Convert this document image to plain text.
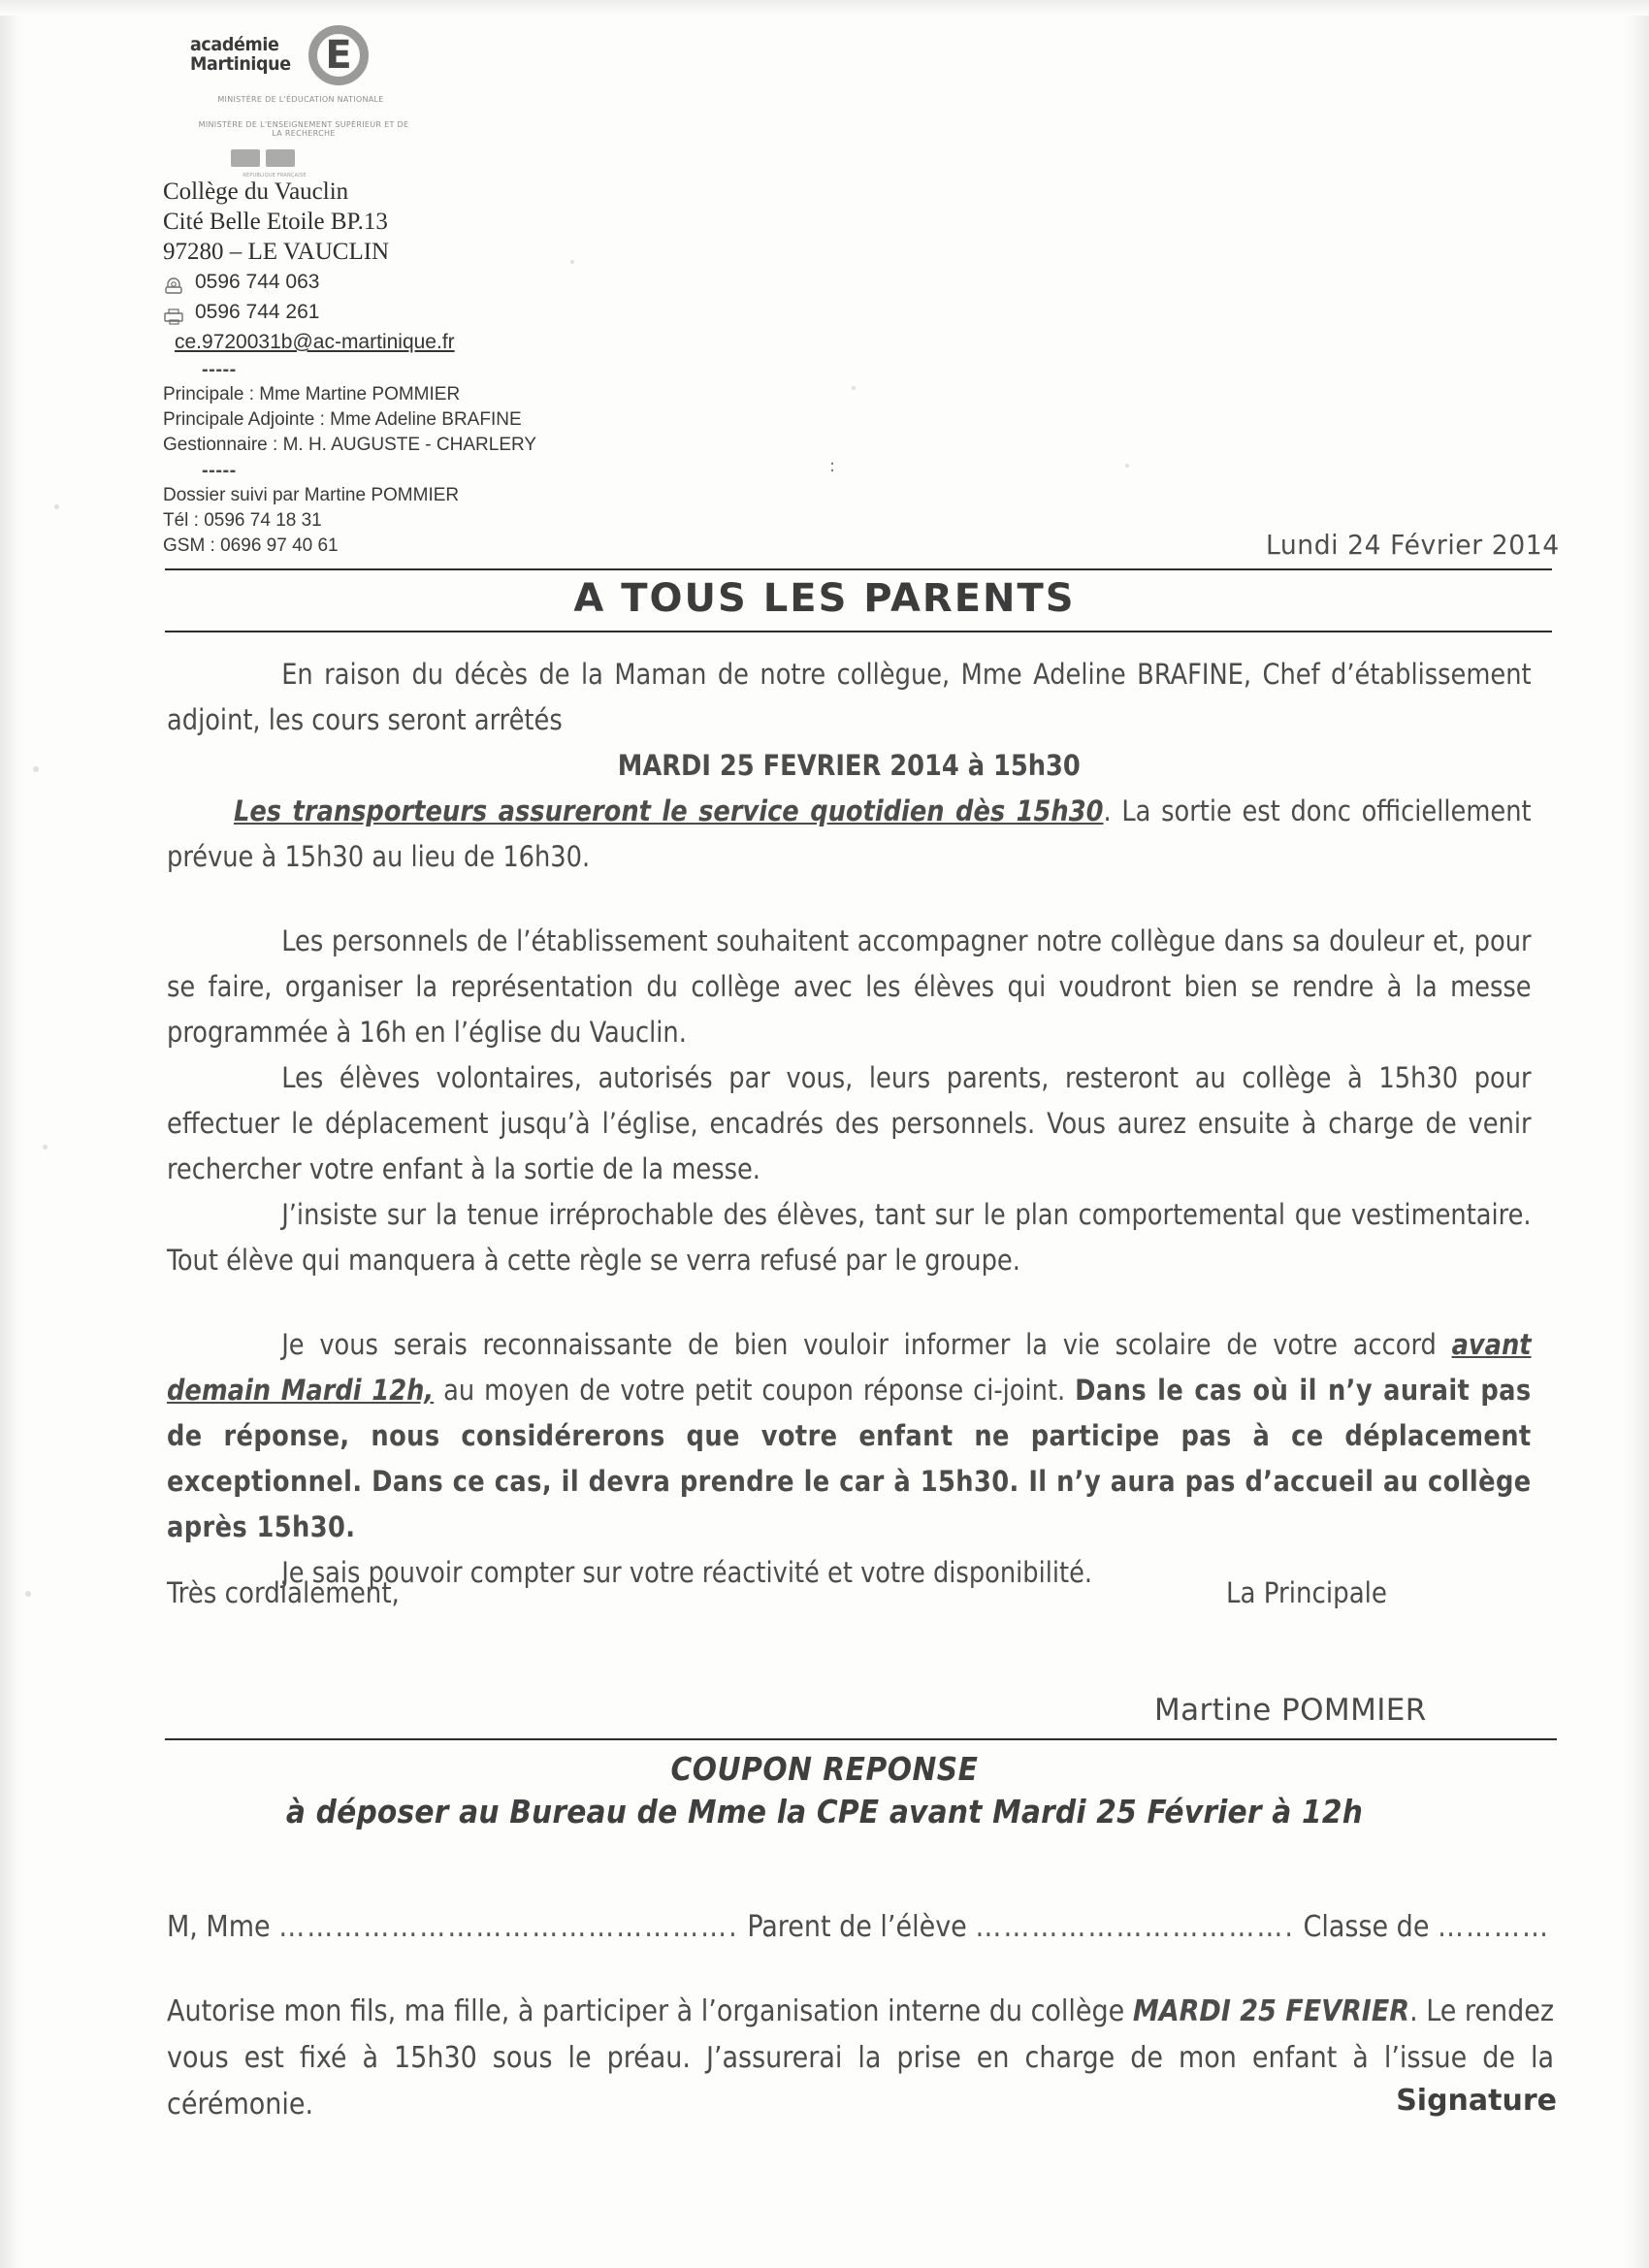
académie
Martinique E
MINISTÈRE DE L'ÉDUCATION NATIONALE
MINISTÈRE DE L'ENSEIGNEMENT SUPÉRIEUR ET DE LA RECHERCHE
RÉPUBLIQUE FRANÇAISE
Collège du Vauclin
Cité Belle Etoile BP.13
97280 – LE VAUCLIN
0596 744 063
0596 744 261
ce.9720031b@ac-martinique.fr
-----
Principale : Mme Martine POMMIER
Principale Adjointe : Mme Adeline BRAFINE
Gestionnaire : M. H. AUGUSTE - CHARLERY
-----
Dossier suivi par Martine POMMIER
Tél : 0596 74 18 31
GSM : 0696 97 40 61
:
Lundi 24 Février 2014
A TOUS LES PARENTS

En raison du décès de la Maman de notre collègue, Mme Adeline BRAFINE, Chef d’établissement adjoint, les cours seront arrêtés

MARDI 25 FEVRIER 2014 à 15h30

Les transporteurs assureront le service quotidien dès 15h30. La sortie est donc officiellement prévue à 15h30 au lieu de 16h30.

Les personnels de l’établissement souhaitent accompagner notre collègue dans sa douleur et, pour se faire, organiser la représentation du collège avec les élèves qui voudront bien se rendre à la messe programmée à 16h en l’église du Vauclin.

Les élèves volontaires, autorisés par vous, leurs parents, resteront au collège à 15h30 pour effectuer le déplacement jusqu’à l’église, encadrés des personnels. Vous aurez ensuite à charge de venir rechercher votre enfant à la sortie de la messe.

J’insiste sur la tenue irréprochable des élèves, tant sur le plan comportemental que vestimentaire. Tout élève qui manquera à cette règle se verra refusé par le groupe.

Je vous serais reconnaissante de bien vouloir informer la vie scolaire de votre accord avant demain Mardi 12h, au moyen de votre petit coupon réponse ci-joint. Dans le cas où il n’y aurait pas de réponse, nous considérerons que votre enfant ne participe pas à ce déplacement exceptionnel. Dans ce cas, il devra prendre le car à 15h30. Il n’y aura pas d’accueil au collège après 15h30.

Je sais pouvoir compter sur votre réactivité et votre disponibilité.

Très cordialement,	La Principale
Martine POMMIER
COUPON REPONSE
à déposer au Bureau de Mme la CPE avant Mardi 25 Février à 12h
M, Mme …………………………………………. Parent de l’élève ……………………………. Classe de …………
Autorise mon fils, ma fille, à participer à l’organisation interne du collège MARDI 25 FEVRIER. Le rendez vous est fixé à 15h30 sous le préau. J’assurerai la prise en charge de mon enfant à l’issue de la cérémonie.	Signature
